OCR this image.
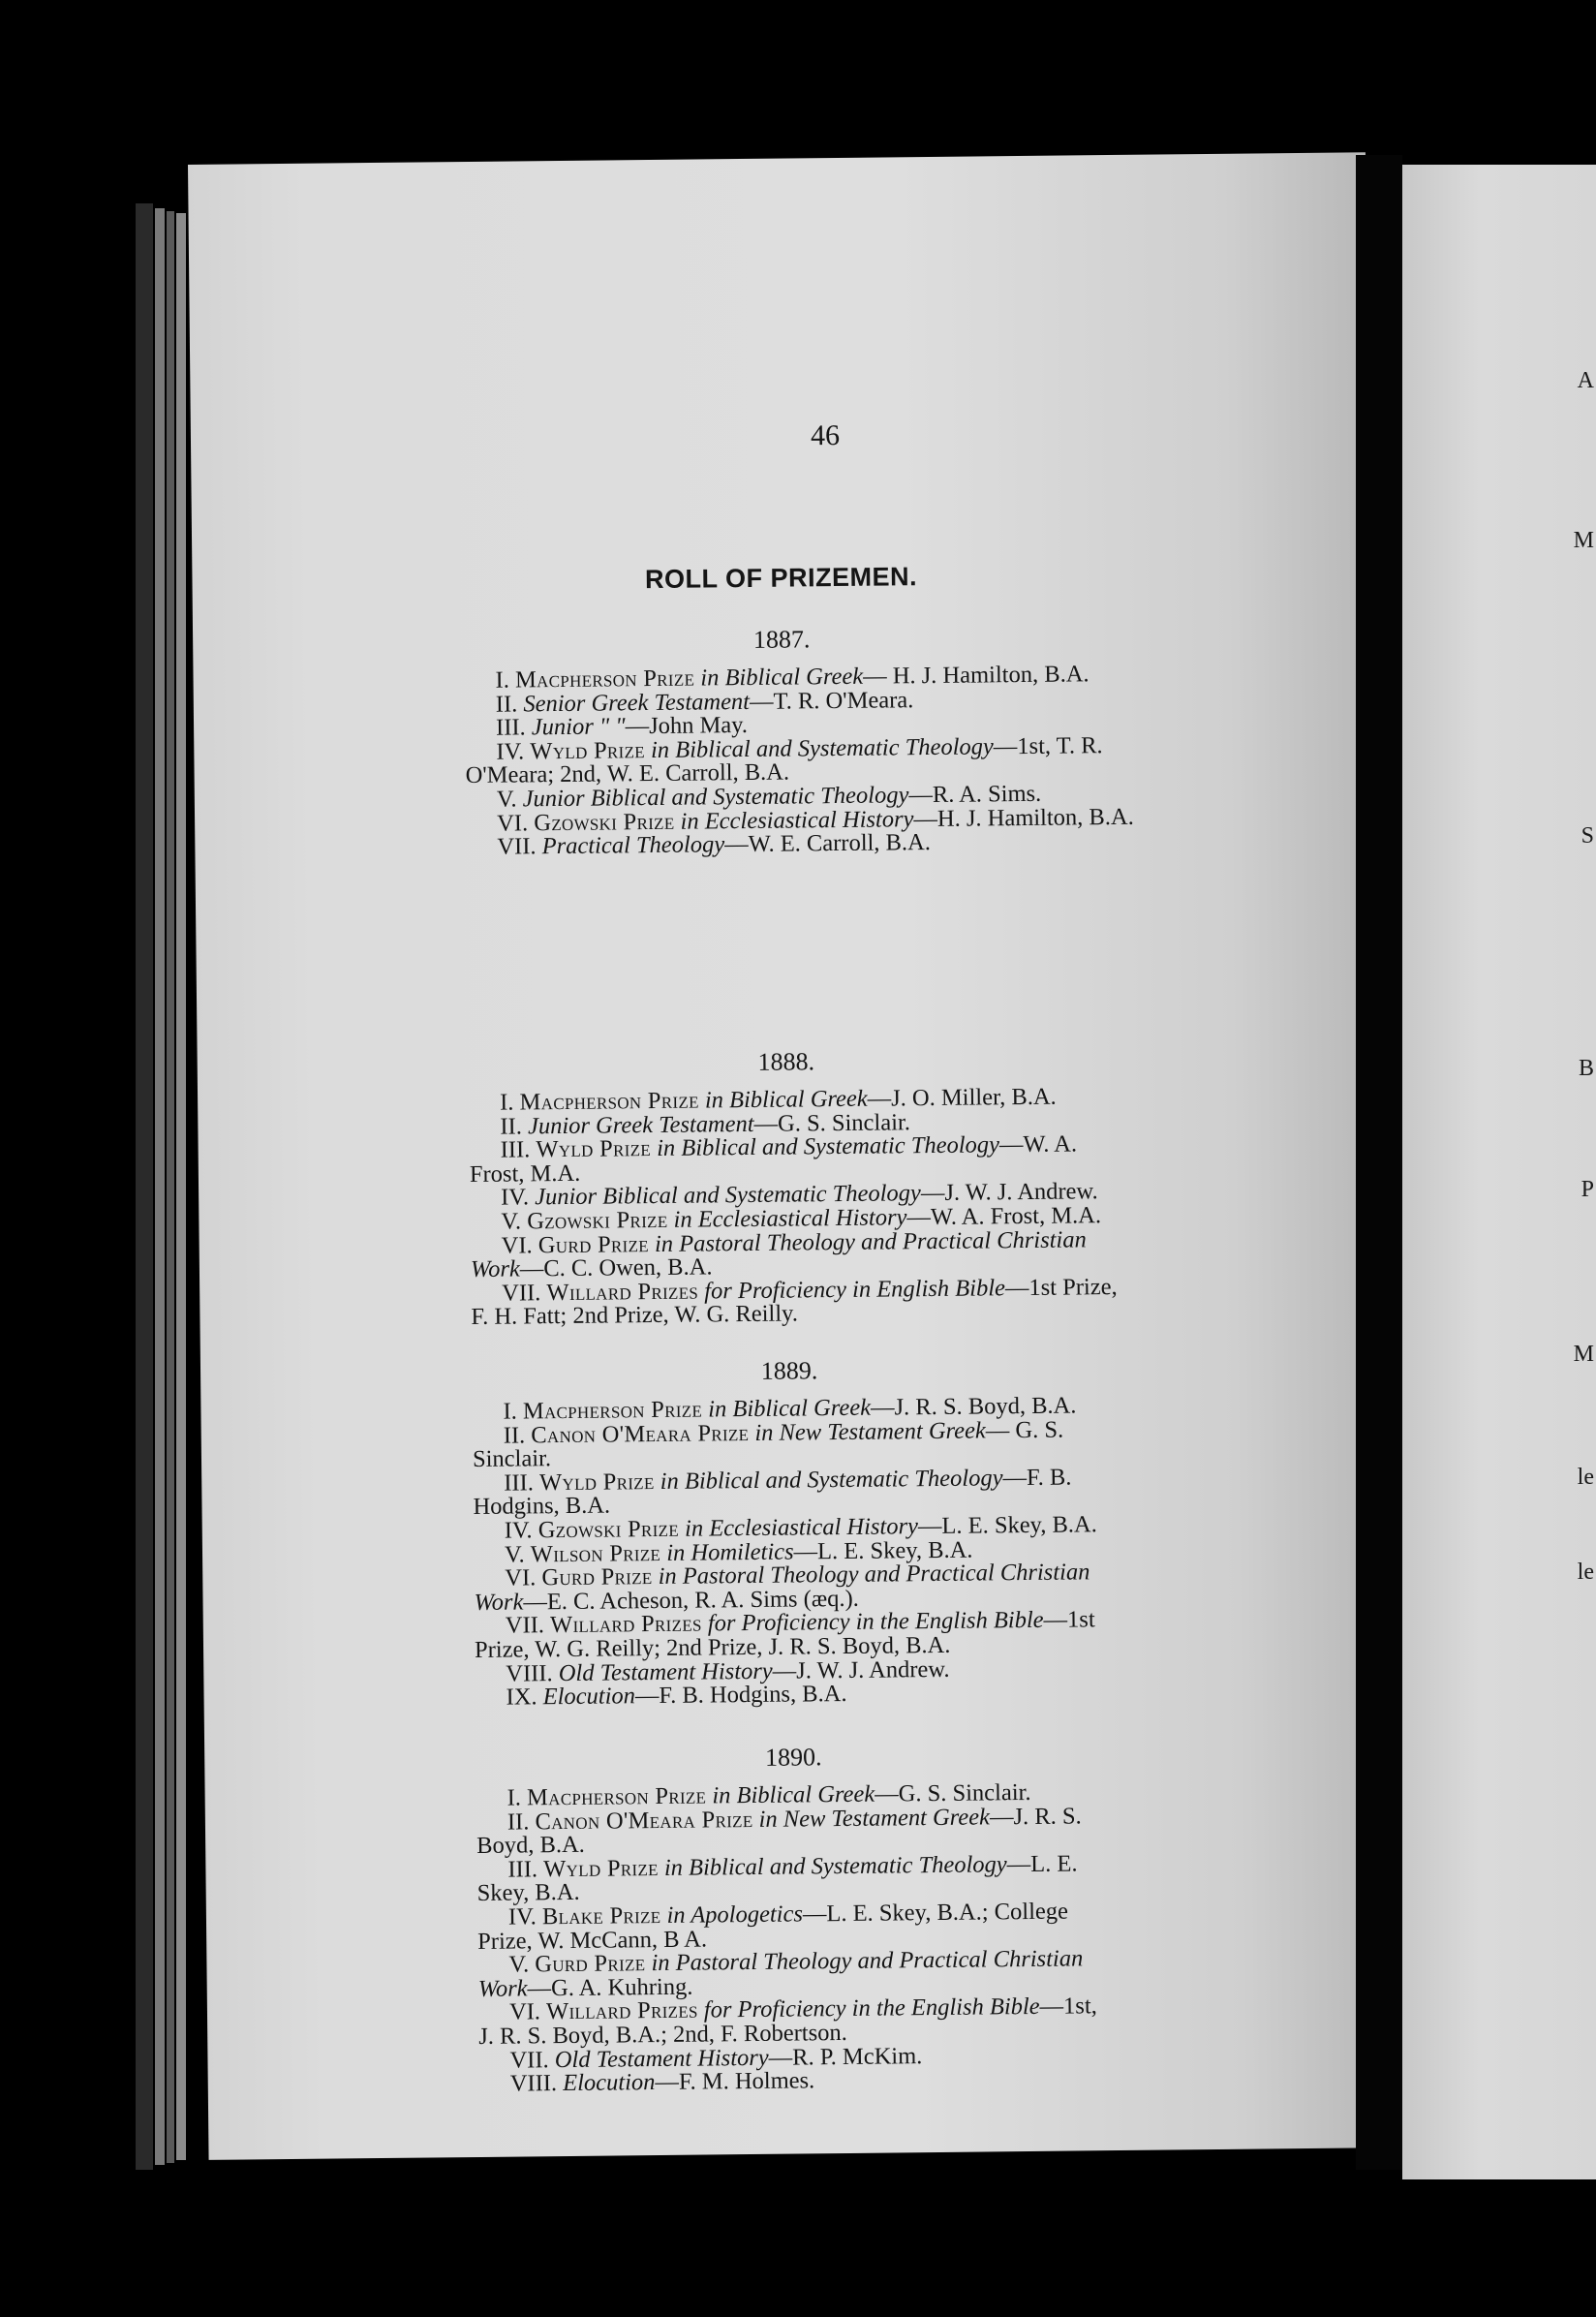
46
ROLL OF PRIZEMEN.
1887.
I. Macpherson Prize in Biblical Greek— H. J. Hamilton, B.A.
II. Senior Greek Testament—T. R. O'Meara.
III. Junior " "—John May.
IV. Wyld Prize in Biblical and Systematic Theology—1st, T. R.
O'Meara; 2nd, W. E. Carroll, B.A.
V. Junior Biblical and Systematic Theology—R. A. Sims.
VI. Gzowski Prize in Ecclesiastical History—H. J. Hamilton, B.A.
VII. Practical Theology—W. E. Carroll, B.A.
1888.
I. Macpherson Prize in Biblical Greek—J. O. Miller, B.A.
II. Junior Greek Testament—G. S. Sinclair.
III. Wyld Prize in Biblical and Systematic Theology—W. A.
Frost, M.A.
IV. Junior Biblical and Systematic Theology—J. W. J. Andrew.
V. Gzowski Prize in Ecclesiastical History—W. A. Frost, M.A.
VI. Gurd Prize in Pastoral Theology and Practical Christian
Work—C. C. Owen, B.A.
VII. Willard Prizes for Proficiency in English Bible—1st Prize,
F. H. Fatt; 2nd Prize, W. G. Reilly.
1889.
I. Macpherson Prize in Biblical Greek—J. R. S. Boyd, B.A.
II. Canon O'Meara Prize in New Testament Greek— G. S.
Sinclair.
III. Wyld Prize in Biblical and Systematic Theology—F. B.
Hodgins, B.A.
IV. Gzowski Prize in Ecclesiastical History—L. E. Skey, B.A.
V. Wilson Prize in Homiletics—L. E. Skey, B.A.
VI. Gurd Prize in Pastoral Theology and Practical Christian
Work—E. C. Acheson, R. A. Sims (æq.).
VII. Willard Prizes for Proficiency in the English Bible—1st
Prize, W. G. Reilly; 2nd Prize, J. R. S. Boyd, B.A.
VIII. Old Testament History—J. W. J. Andrew.
IX. Elocution—F. B. Hodgins, B.A.
1890.
I. Macpherson Prize in Biblical Greek—G. S. Sinclair.
II. Canon O'Meara Prize in New Testament Greek—J. R. S.
Boyd, B.A.
III. Wyld Prize in Biblical and Systematic Theology—L. E.
Skey, B.A.
IV. Blake Prize in Apologetics—L. E. Skey, B.A.; College
Prize, W. McCann, B A.
V. Gurd Prize in Pastoral Theology and Practical Christian
Work—G. A. Kuhring.
VI. Willard Prizes for Proficiency in the English Bible—1st,
J. R. S. Boyd, B.A.; 2nd, F. Robertson.
VII. Old Testament History—R. P. McKim.
VIII. Elocution—F. M. Holmes.
A
M
S
B
P
M
le
le
